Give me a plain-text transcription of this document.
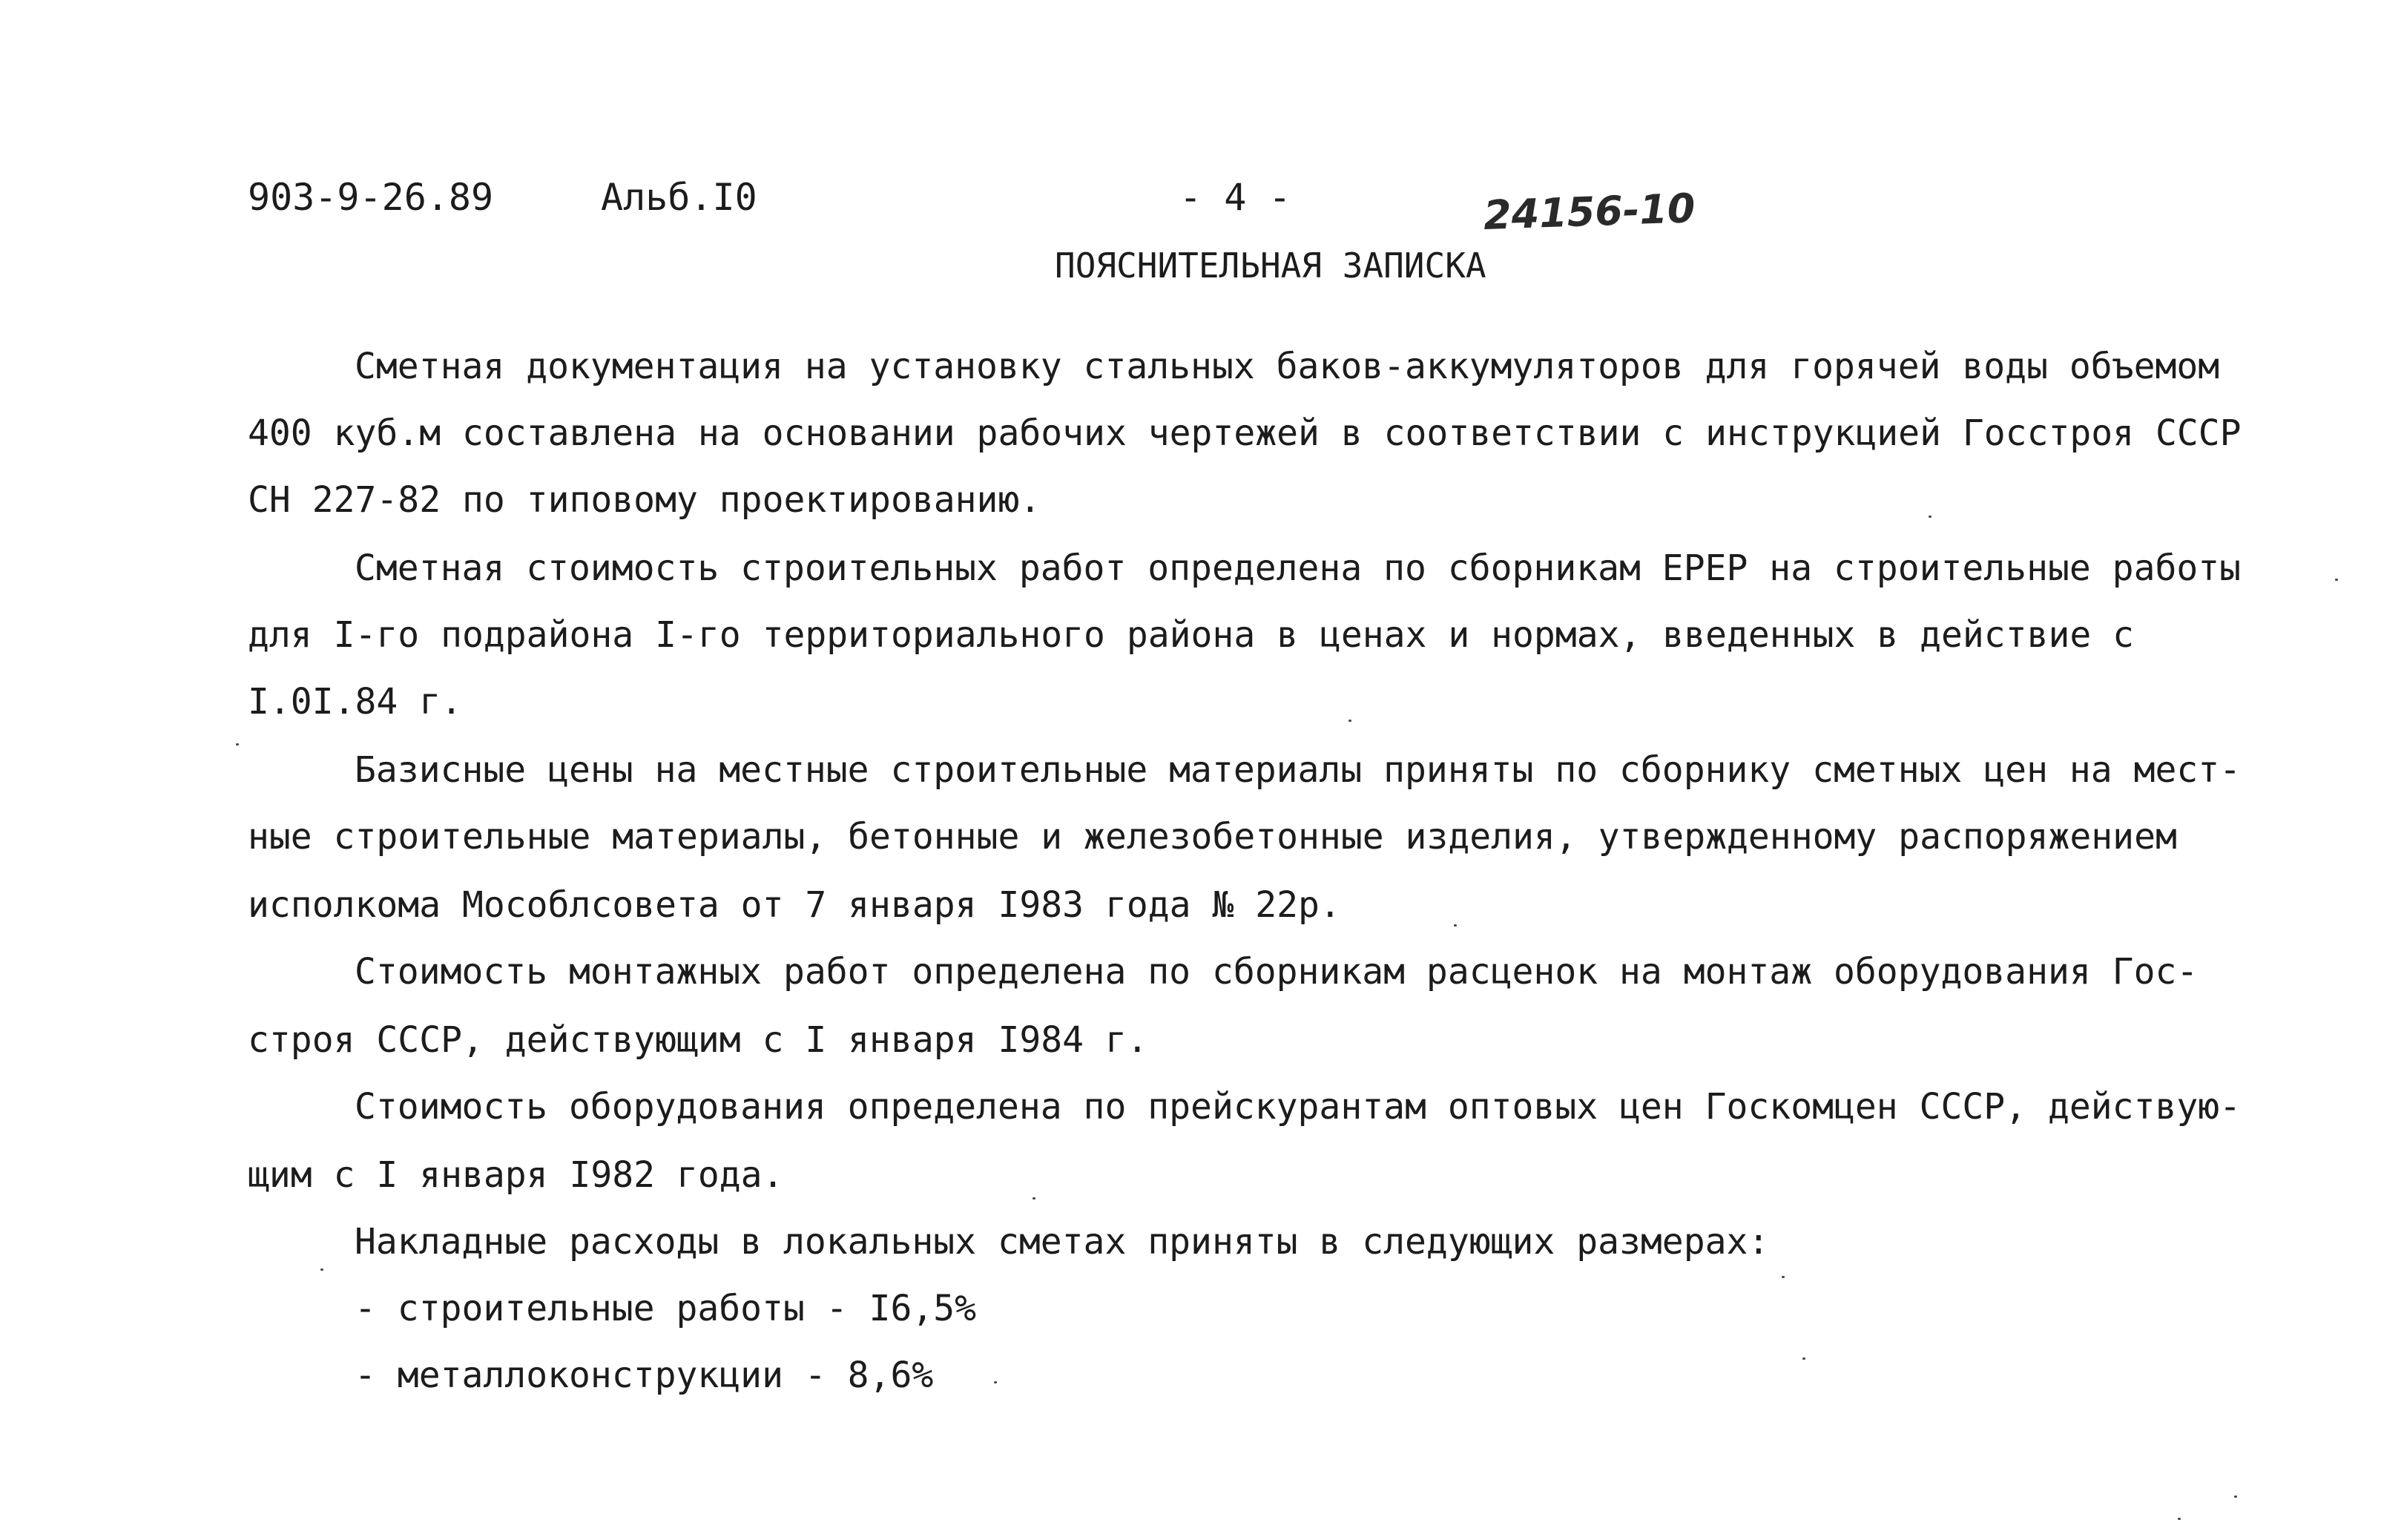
903-9-26.89	Альб.I0	- 4 -	24156-10
ПОЯСНИТЕЛЬНАЯ ЗАПИСКА
Сметная документация на установку стальных баков-аккумуляторов для горячей воды объемом
400 куб.м составлена на основании рабочих чертежей в соответствии с инструкцией Госстроя СССР
СН 227-82 по типовому проектированию.
Сметная стоимость строительных работ определена по сборникам ЕРЕР на строительные работы
для I-го подрайона I-го территориального района в ценах и нормах, введенных в действие с
I.0I.84 г.
Базисные цены на местные строительные материалы приняты по сборнику сметных цен на мест-
ные строительные материалы, бетонные и железобетонные изделия, утвержденному распоряжением
исполкома Мособлсовета от 7 января I983 года № 22р.
Стоимость монтажных работ определена по сборникам расценок на монтаж оборудования Гос-
строя СССР, действующим с I января I984 г.
Стоимость оборудования определена по прейскурантам оптовых цен Госкомцен СССР, действую-
щим с I января I982 года.
Накладные расходы в локальных сметах приняты в следующих размерах:
- строительные работы - I6,5%
- металлоконструкции - 8,6%
